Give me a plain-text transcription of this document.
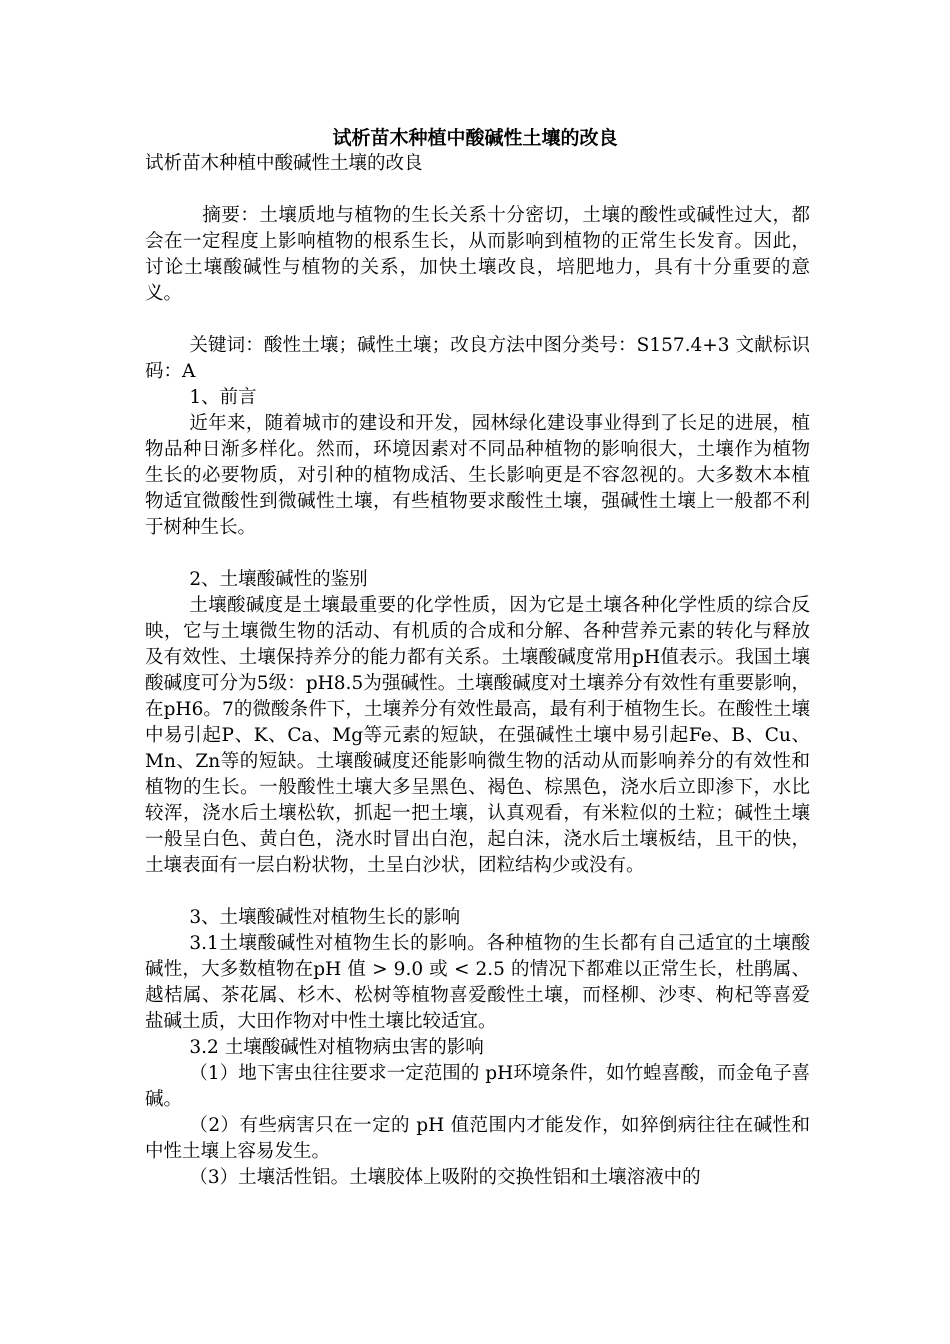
试析苗木种植中酸碱性土壤的改良

试析苗木种植中酸碱性土壤的改良

摘要：土壤质地与植物的生长关系十分密切，土壤的酸性或碱性过大，都会在一定程度上影响植物的根系生长，从而影响到植物的正常生长发育。因此，讨论土壤酸碱性与植物的关系，加快土壤改良，培肥地力，具有十分重要的意义。

关键词：酸性土壤；碱性土壤；改良方法中图分类号：S157.4+3 文献标识码：A

1、前言

近年来，随着城市的建设和开发，园林绿化建设事业得到了长足的进展，植物品种日渐多样化。然而，环境因素对不同品种植物的影响很大，土壤作为植物生长的必要物质，对引种的植物成活、生长影响更是不容忽视的。大多数木本植物适宜微酸性到微碱性土壤，有些植物要求酸性土壤，强碱性土壤上一般都不利于树种生长。

2、土壤酸碱性的鉴别

土壤酸碱度是土壤最重要的化学性质，因为它是土壤各种化学性质的综合反映，它与土壤微生物的活动、有机质的合成和分解、各种营养元素的转化与释放及有效性、土壤保持养分的能力都有关系。土壤酸碱度常用pH值表示。我国土壤酸碱度可分为5级：pH8.5为强碱性。土壤酸碱度对土壤养分有效性有重要影响，在pH6。7的微酸条件下，土壤养分有效性最高，最有利于植物生长。在酸性土壤中易引起P、K、Ca、Mg等元素的短缺，在强碱性土壤中易引起Fe、B、Cu、Mn、Zn等的短缺。土壤酸碱度还能影响微生物的活动从而影响养分的有效性和植物的生长。一般酸性土壤大多呈黑色、褐色、棕黑色，浇水后立即渗下，水比较浑，浇水后土壤松软，抓起一把土壤，认真观看，有米粒似的土粒；碱性土壤一般呈白色、黄白色，浇水时冒出白泡，起白沫，浇水后土壤板结，且干的快，土壤表面有一层白粉状物，土呈白沙状，团粒结构少或没有。

3、土壤酸碱性对植物生长的影响

3.1土壤酸碱性对植物生长的影响。各种植物的生长都有自己适宜的土壤酸碱性，大多数植物在pH 值 > 9.0 或 < 2.5 的情况下都难以正常生长，杜鹃属、越桔属、茶花属、杉木、松树等植物喜爱酸性土壤，而柽柳、沙枣、枸杞等喜爱盐碱土质，大田作物对中性土壤比较适宜。

3.2 土壤酸碱性对植物病虫害的影响

（1）地下害虫往往要求一定范围的 pH环境条件，如竹蝗喜酸，而金龟子喜碱。

（2）有些病害只在一定的 pH 值范围内才能发作，如猝倒病往往在碱性和中性土壤上容易发生。

（3）土壤活性铝。土壤胶体上吸附的交换性铝和土壤溶液中的
